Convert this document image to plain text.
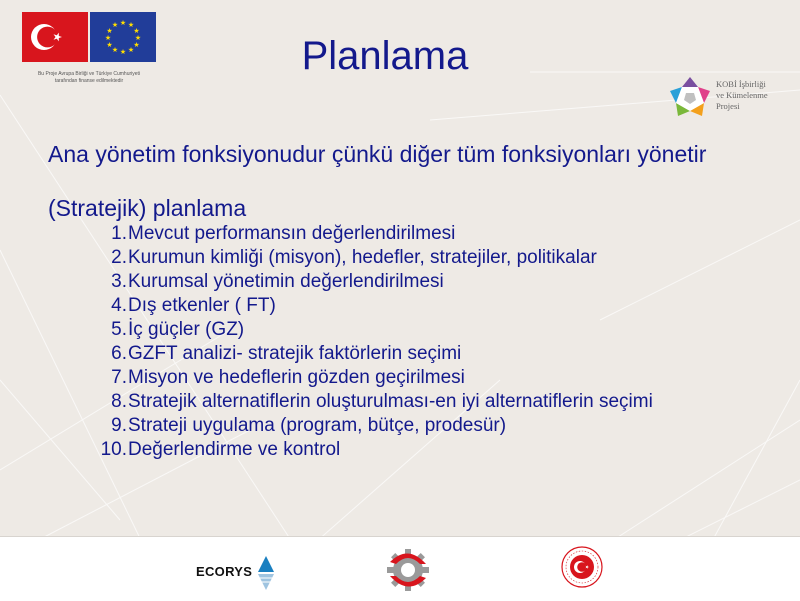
★ ★
★
★
★
★
★
★
★
★
★
★
Bu Proje Avrupa Birliği ve Türkiye Cumhuriyeti
tarafından finanse edilmektedir
Planlama
KOBİ İşbirliği
ve Kümelenme
Projesi
Ana yönetim fonksiyonudur çünkü diğer tüm fonksiyonları yönetir
(Stratejik) planlama
1. Mevcut performansın değerlendirilmesi
2. Kurumun kimliği (misyon), hedefler, stratejiler, politikalar
3. Kurumsal yönetimin değerlendirilmesi
4. Dış etkenler ( FT)
5. İç güçler (GZ)
6. GZFT analizi- stratejik faktörlerin seçimi
7. Misyon ve hedeflerin gözden geçirilmesi
8. Stratejik alternatiflerin oluşturulması-en iyi alternatiflerin seçimi
9. Strateji uygulama (program, bütçe, prodesür)
10. Değerlendirme ve kontrol
ECORYS
